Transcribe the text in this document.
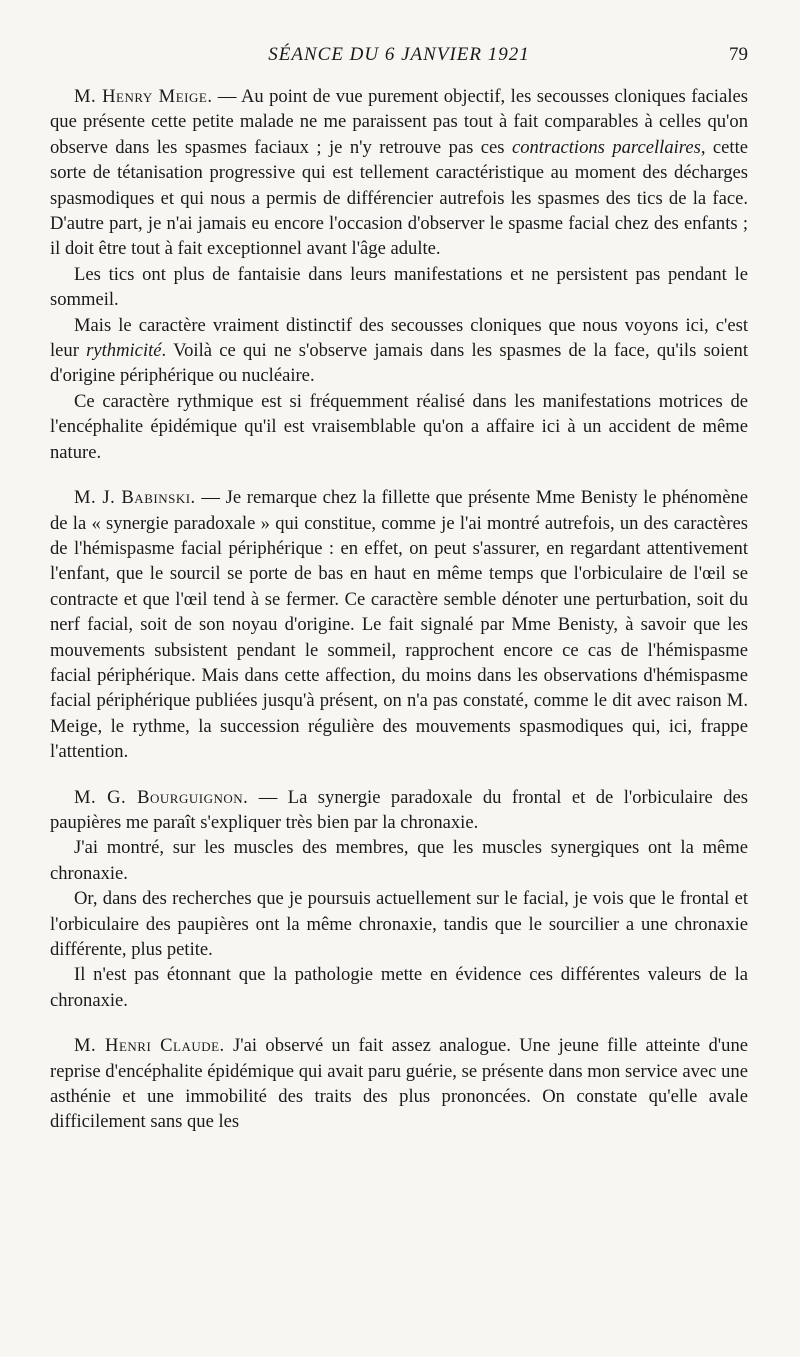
SÉANCE DU 6 JANVIER 1921	79

M. Henry Meige. — Au point de vue purement objectif, les secousses cloniques faciales que présente cette petite malade ne me paraissent pas tout à fait comparables à celles qu'on observe dans les spasmes faciaux ; je n'y retrouve pas ces contractions parcellaires, cette sorte de tétanisation progressive qui est tellement caractéristique au moment des décharges spasmodiques et qui nous a permis de différencier autrefois les spasmes des tics de la face. D'autre part, je n'ai jamais eu encore l'occasion d'observer le spasme facial chez des enfants ; il doit être tout à fait exceptionnel avant l'âge adulte.

Les tics ont plus de fantaisie dans leurs manifestations et ne persistent pas pendant le sommeil.

Mais le caractère vraiment distinctif des secousses cloniques que nous voyons ici, c'est leur rythmicité. Voilà ce qui ne s'observe jamais dans les spasmes de la face, qu'ils soient d'origine périphérique ou nucléaire.

Ce caractère rythmique est si fréquemment réalisé dans les manifestations motrices de l'encéphalite épidémique qu'il est vraisemblable qu'on a affaire ici à un accident de même nature.

M. J. Babinski. — Je remarque chez la fillette que présente Mme Benisty le phénomène de la « synergie paradoxale » qui constitue, comme je l'ai montré autrefois, un des caractères de l'hémispasme facial périphérique : en effet, on peut s'assurer, en regardant attentivement l'enfant, que le sourcil se porte de bas en haut en même temps que l'orbiculaire de l'œil se contracte et que l'œil tend à se fermer. Ce caractère semble dénoter une perturbation, soit du nerf facial, soit de son noyau d'origine. Le fait signalé par Mme Benisty, à savoir que les mouvements subsistent pendant le sommeil, rapprochent encore ce cas de l'hémispasme facial périphérique. Mais dans cette affection, du moins dans les observations d'hémispasme facial périphérique publiées jusqu'à présent, on n'a pas constaté, comme le dit avec raison M. Meige, le rythme, la succession régulière des mouvements spasmodiques qui, ici, frappe l'attention.

M. G. Bourguignon. — La synergie paradoxale du frontal et de l'orbiculaire des paupières me paraît s'expliquer très bien par la chronaxie.

J'ai montré, sur les muscles des membres, que les muscles synergiques ont la même chronaxie.

Or, dans des recherches que je poursuis actuellement sur le facial, je vois que le frontal et l'orbiculaire des paupières ont la même chronaxie, tandis que le sourcilier a une chronaxie différente, plus petite.

Il n'est pas étonnant que la pathologie mette en évidence ces différentes valeurs de la chronaxie.

M. Henri Claude. J'ai observé un fait assez analogue. Une jeune fille atteinte d'une reprise d'encéphalite épidémique qui avait paru guérie, se présente dans mon service avec une asthénie et une immobilité des traits des plus prononcées. On constate qu'elle avale difficilement sans que les
